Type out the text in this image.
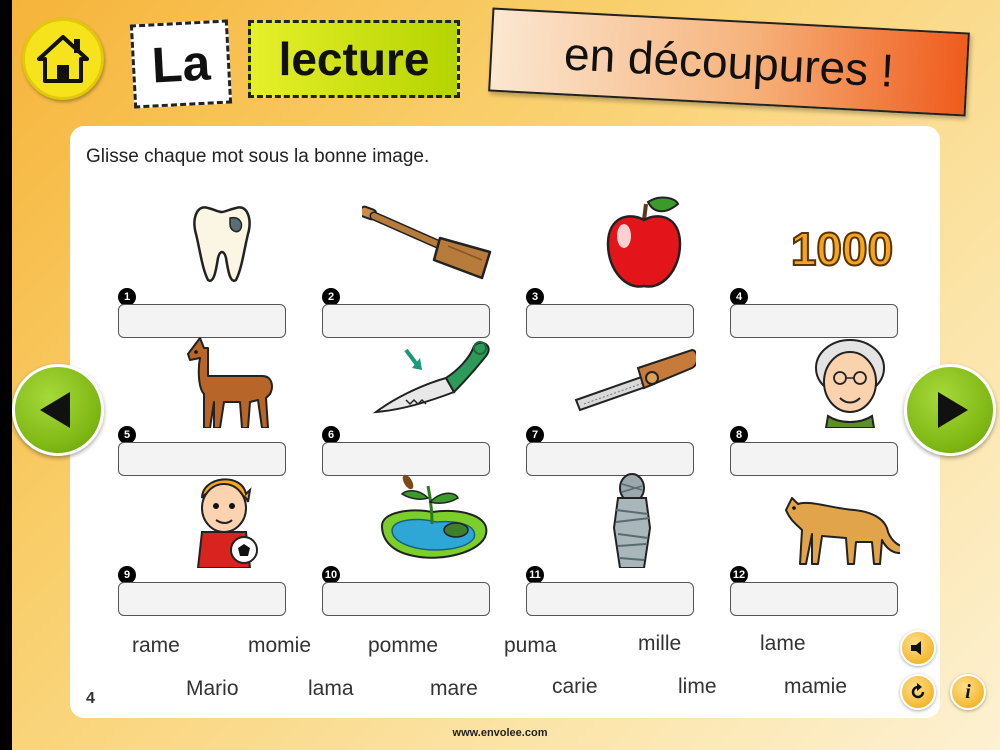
La lecture	en découpures !
Glisse chaque mot sous la bonne image.
1	2	3
1000
4
5	6	7	8
9	10	11	12
rame	momie	pomme	puma	mille	lame
Mario	lama	mare	carie	lime	mamie
4	i
www.envolee.com
